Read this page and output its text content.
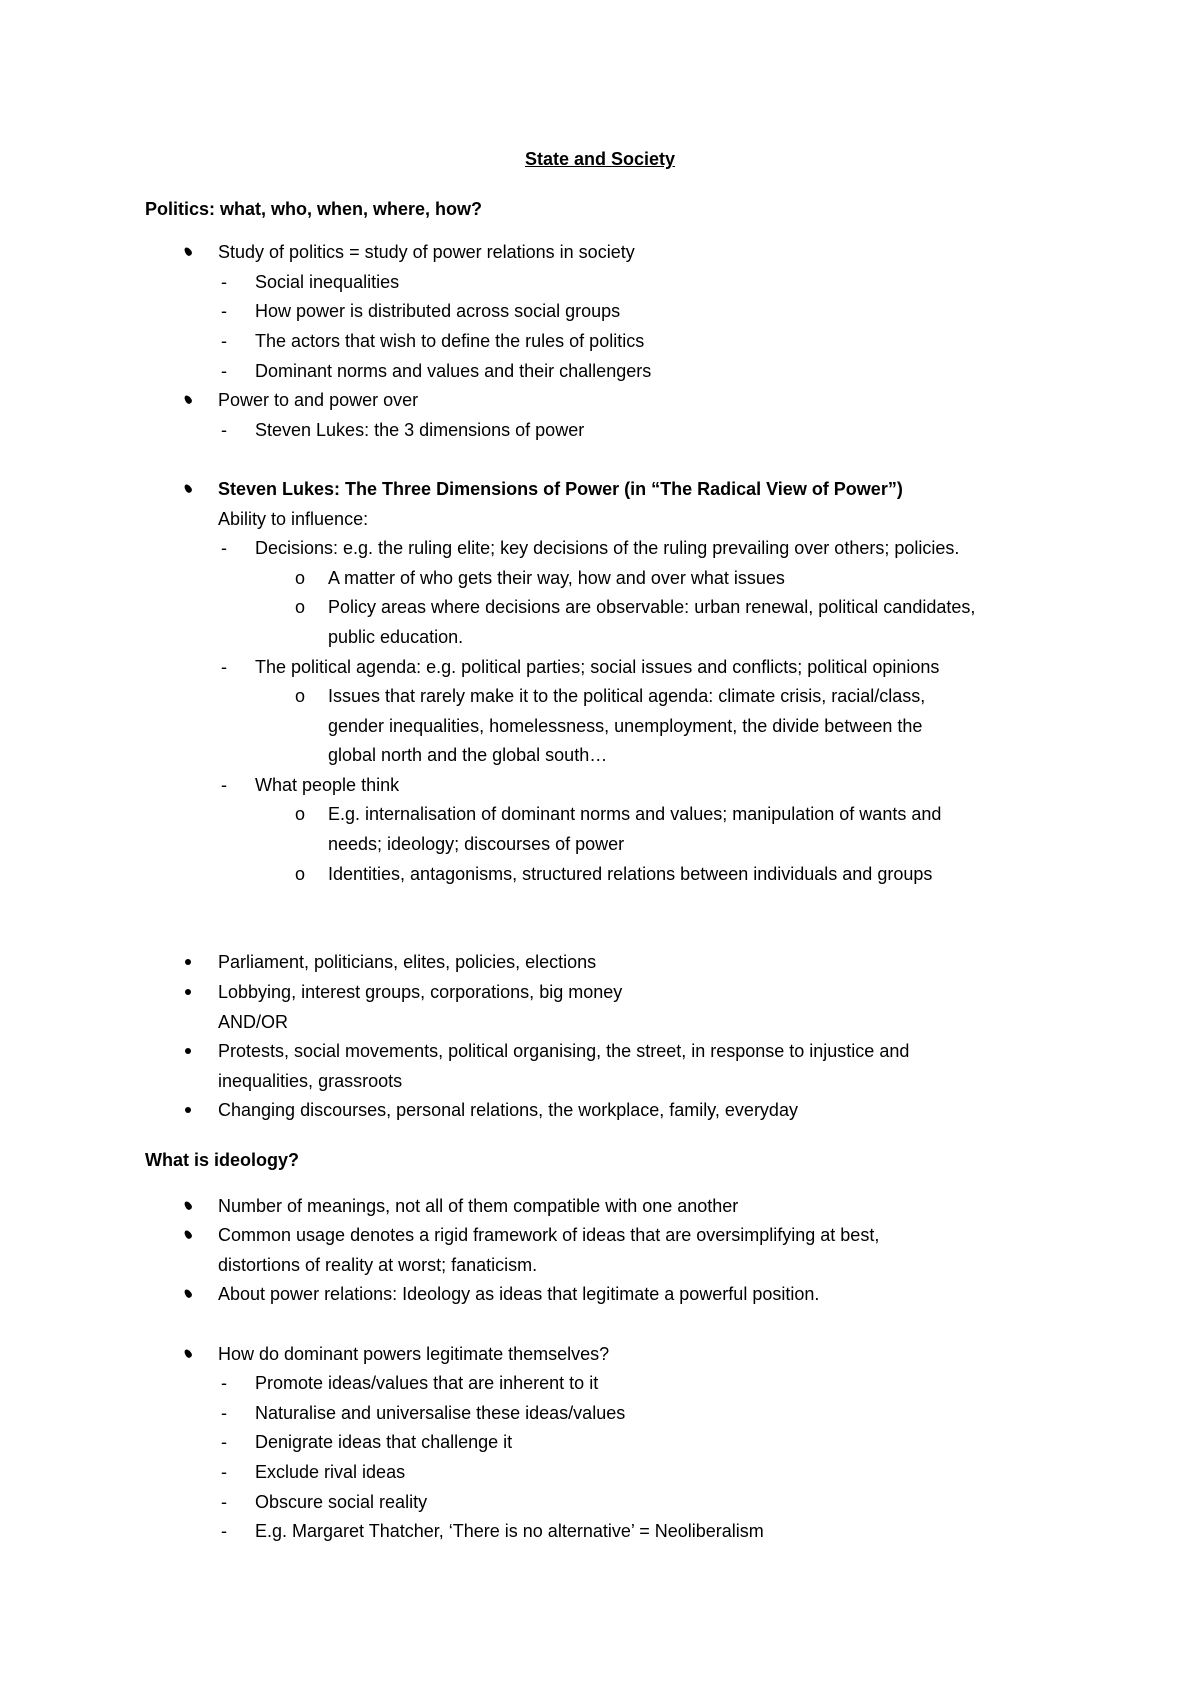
State and Society
Politics: what, who, when, where, how?
Study of politics = study of power relations in society
- Social inequalities
- How power is distributed across social groups
- The actors that wish to define the rules of politics
- Dominant norms and values and their challengers
Power to and power over
- Steven Lukes: the 3 dimensions of power
Steven Lukes: The Three Dimensions of Power (in “The Radical View of Power”)
Ability to influence:
- Decisions: e.g. the ruling elite; key decisions of the ruling prevailing over others; policies.
o A matter of who gets their way, how and over what issues
o Policy areas where decisions are observable: urban renewal, political candidates,
public education.
- The political agenda: e.g. political parties; social issues and conflicts; political opinions
o Issues that rarely make it to the political agenda: climate crisis, racial/class,
gender inequalities, homelessness, unemployment, the divide between the
global north and the global south…
- What people think
o E.g. internalisation of dominant norms and values; manipulation of wants and
needs; ideology; discourses of power
o Identities, antagonisms, structured relations between individuals and groups
Parliament, politicians, elites, policies, elections
Lobbying, interest groups, corporations, big money
AND/OR
Protests, social movements, political organising, the street, in response to injustice and
inequalities, grassroots
Changing discourses, personal relations, the workplace, family, everyday
What is ideology?
Number of meanings, not all of them compatible with one another
Common usage denotes a rigid framework of ideas that are oversimplifying at best,
distortions of reality at worst; fanaticism.
About power relations: Ideology as ideas that legitimate a powerful position.
How do dominant powers legitimate themselves?
- Promote ideas/values that are inherent to it
- Naturalise and universalise these ideas/values
- Denigrate ideas that challenge it
- Exclude rival ideas
- Obscure social reality
- E.g. Margaret Thatcher, ‘There is no alternative’ = Neoliberalism
